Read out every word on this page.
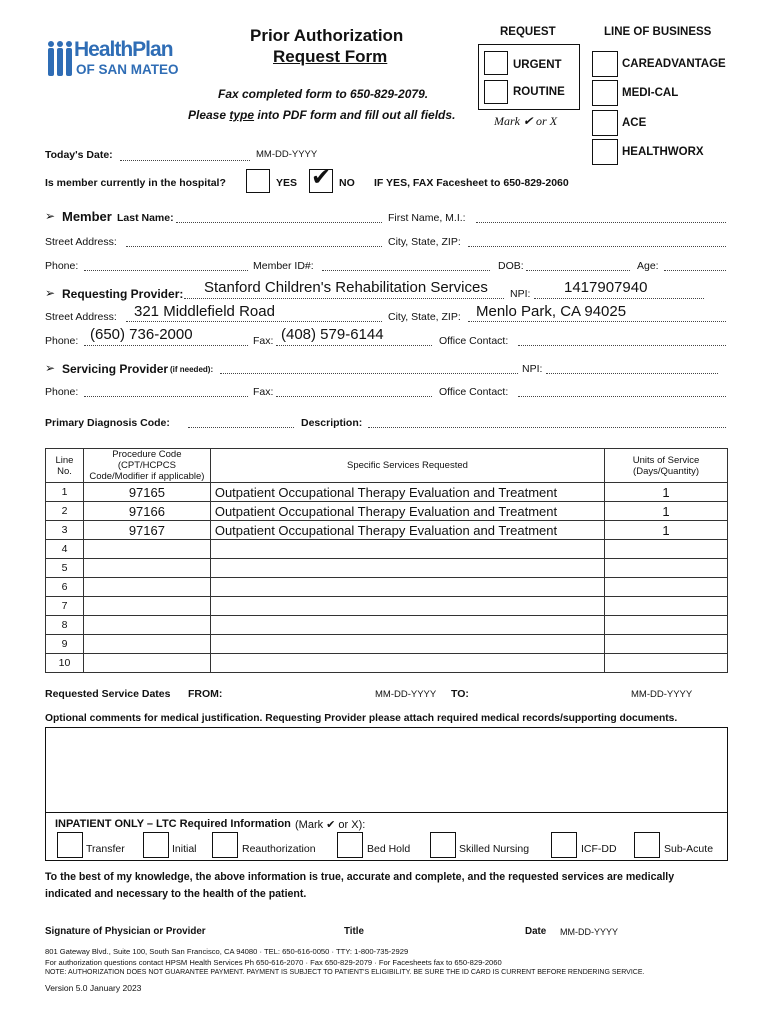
HealthPlan
OF SAN MATEO
Prior Authorization
Request Form
Fax completed form to 650-829-2079.
Please type into PDF form and fill out all fields.
REQUEST
URGENT
ROUTINE
Mark ✔ or X
LINE OF BUSINESS
CAREADVANTAGE
MEDI-CAL
ACE
HEALTHWORX
Today's Date:	MM-DD-YYYY
Is member currently in the hospital?	YES ✔ NO IF YES, FAX Facesheet to 650-829-2060
➢ Member Last Name:	First Name, M.I.:
Street Address:	City, State, ZIP:
Phone:	Member ID#:	DOB:	Age:
➢ Requesting Provider: Stanford Children's Rehabilitation Services NPI: 1417907940
Street Address: 321 Middlefield Road	City, State, ZIP: Menlo Park, CA 94025
Phone: (650) 736-2000	Fax: (408) 579-6144	Office Contact:
➢ Servicing Provider (if needed):	NPI:
Phone:	Fax:	Office Contact:
Primary Diagnosis Code:	Description:
Line No.	Procedure Code (CPT/HCPCS Code/Modifier if applicable)	Specific Services Requested	Units of Service (Days/Quantity)
1	97165	Outpatient Occupational Therapy Evaluation and Treatment	1
2	97166	Outpatient Occupational Therapy Evaluation and Treatment	1
3	97167	Outpatient Occupational Therapy Evaluation and Treatment	1
4			
5			
6			
7			
8			
9			
10			
Requested Service Dates FROM:	MM-DD-YYYY TO:	MM-DD-YYYY
Optional comments for medical justification. Requesting Provider please attach required medical records/supporting documents.
INPATIENT ONLY – LTC Required Information (Mark ✔ or X):
Transfer	Initial	Reauthorization	Bed Hold	Skilled Nursing	ICF-DD	Sub-Acute
To the best of my knowledge, the above information is true, accurate and complete, and the requested services are medically
indicated and necessary to the health of the patient.
Signature of Physician or Provider	Title	Date MM-DD-YYYY
801 Gateway Blvd., Suite 100, South San Francisco, CA 94080 · TEL: 650-616-0050 · TTY: 1-800-735-2929
For authorization questions contact HPSM Health Services Ph 650-616-2070 · Fax 650-829-2079 · For Facesheets fax to 650-829-2060
NOTE: AUTHORIZATION DOES NOT GUARANTEE PAYMENT. PAYMENT IS SUBJECT TO PATIENT'S ELIGIBILITY. BE SURE THE ID CARD IS CURRENT BEFORE RENDERING SERVICE.
Version 5.0 January 2023
